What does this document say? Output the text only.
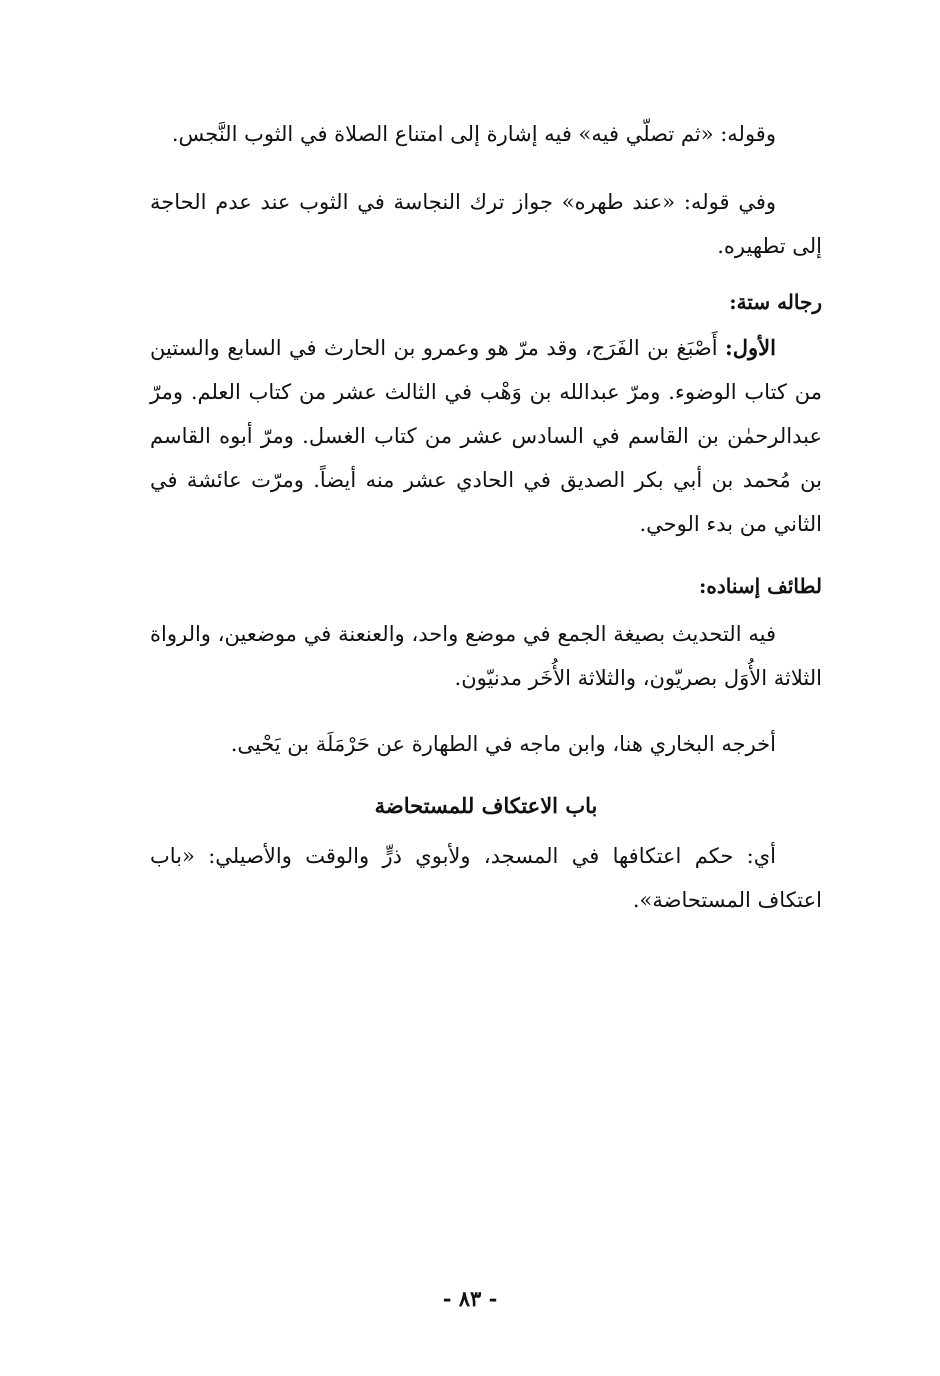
وقوله: «ثم تصلّي فيه» فيه إشارة إلى امتناع الصلاة في الثوب النَّجس.

وفي قوله: «عند طهره» جواز ترك النجاسة في الثوب عند عدم الحاجة إلى تطهيره.

رجاله ستة:

الأول: أَصْبَغ بن الفَرَج، وقد مرّ هو وعمرو بن الحارث في السابع والستين من كتاب الوضوء. ومرّ عبدالله بن وَهْب في الثالث عشر من كتاب العلم. ومرّ عبدالرحمٰن بن القاسم في السادس عشر من كتاب الغسل. ومرّ أبوه القاسم بن مُحمد بن أبي بكر الصديق في الحادي عشر منه أيضاً. ومرّت عائشة في الثاني من بدء الوحي.

لطائف إسناده:

فيه التحديث بصيغة الجمع في موضع واحد، والعنعنة في موضعين، والرواة الثلاثة الأُوَل بصريّون، والثلاثة الأُخَر مدنيّون.

أخرجه البخاري هنا، وابن ماجه في الطهارة عن حَرْمَلَة بن يَحْيى.

باب الاعتكاف للمستحاضة

أي: حكم اعتكافها في المسجد، ولأبوي ذرٍّ والوقت والأصيلي: «باب اعتكاف المستحاضة».

- ٨٣ -
